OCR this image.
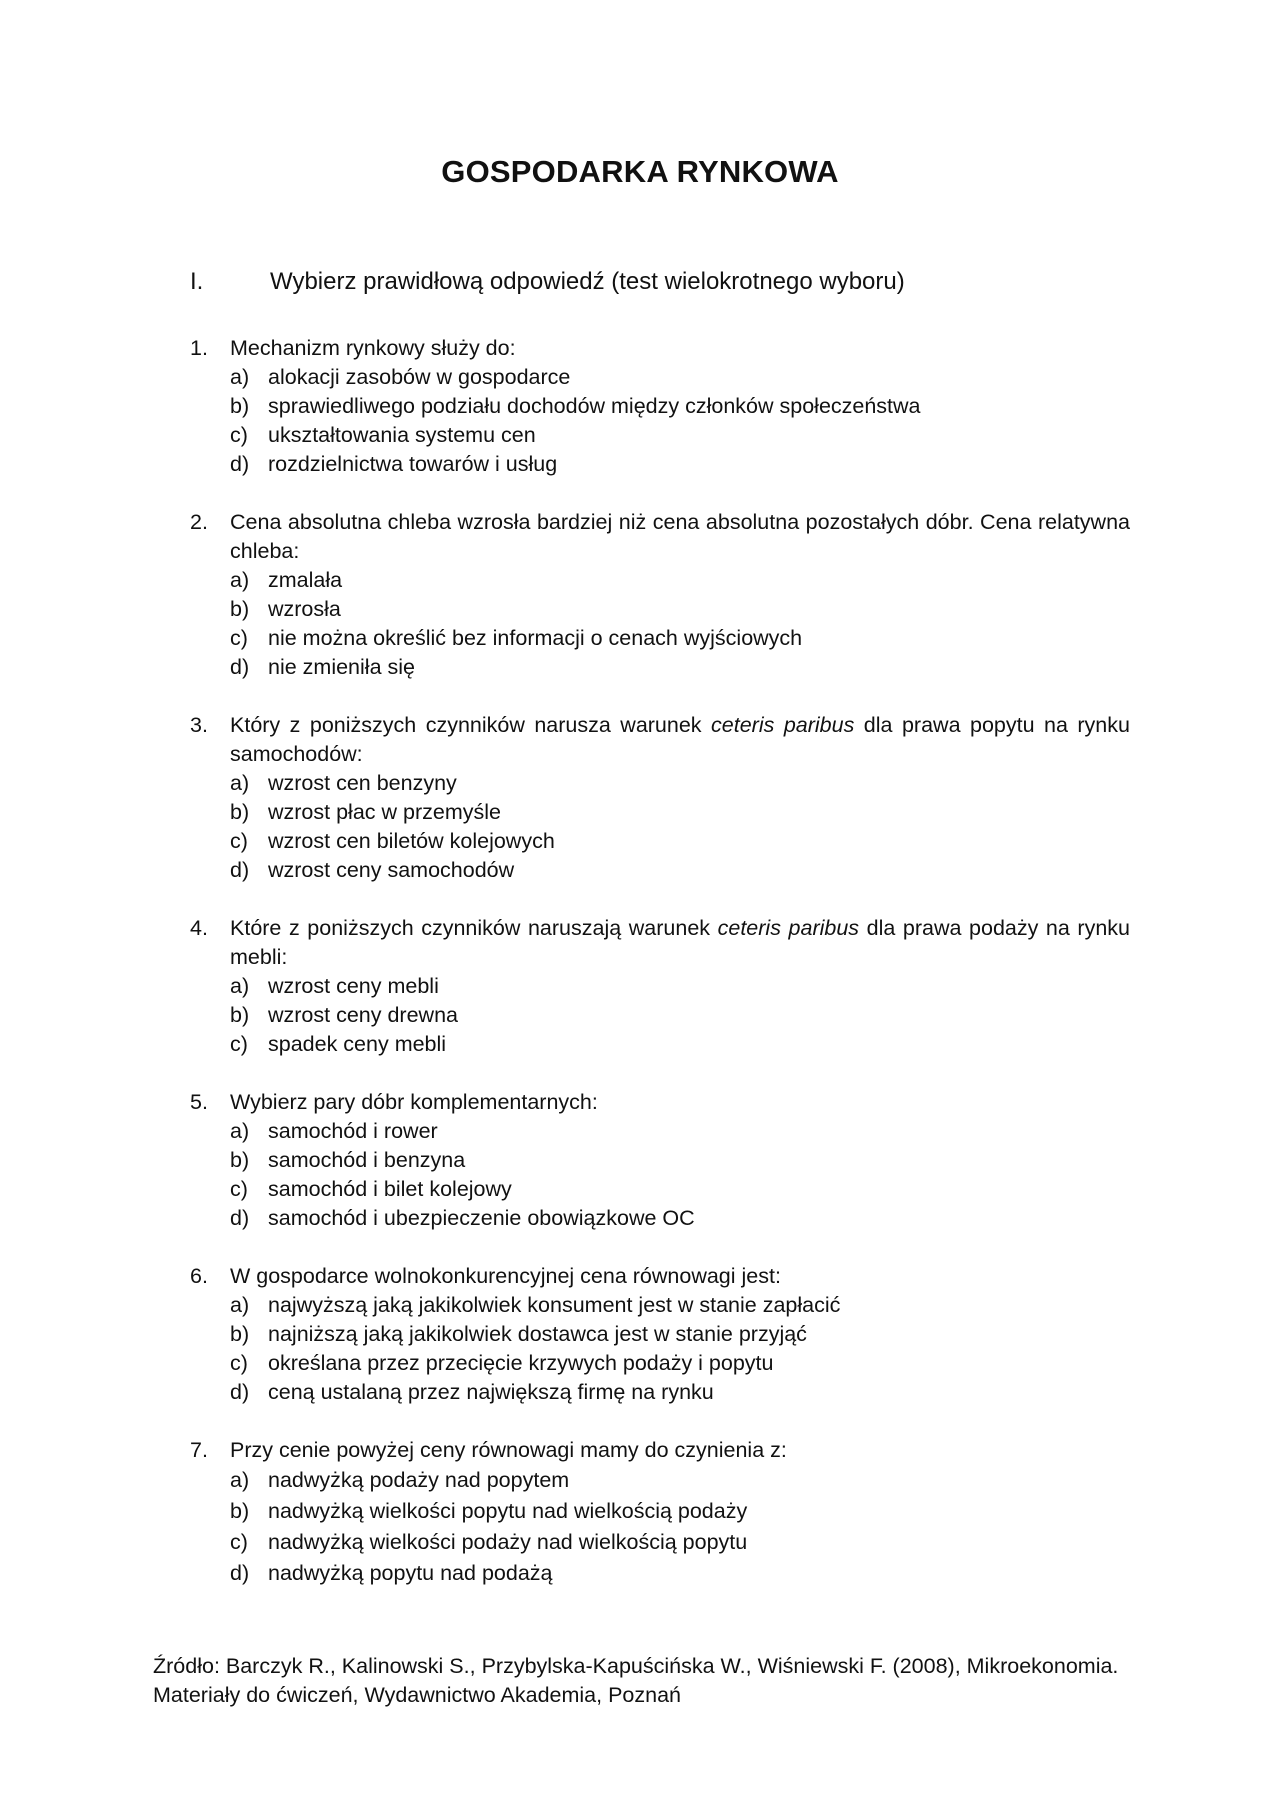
GOSPODARKA RYNKOWA
I.	Wybierz prawidłową odpowiedź (test wielokrotnego wyboru)
1.	Mechanizm rynkowy służy do:
a) alokacji zasobów w gospodarce
b) sprawiedliwego podziału dochodów między członków społeczeństwa
c) ukształtowania systemu cen
d) rozdzielnictwa towarów i usług
2.	Cena absolutna chleba wzrosła bardziej niż cena absolutna pozostałych dóbr. Cena relatywna chleba:
a) zmalała
b) wzrosła
c) nie można określić bez informacji o cenach wyjściowych
d) nie zmieniła się
3.	Który z poniższych czynników narusza warunek ceteris paribus dla prawa popytu na rynku samochodów:
a) wzrost cen benzyny
b) wzrost płac w przemyśle
c) wzrost cen biletów kolejowych
d) wzrost ceny samochodów
4.	Które z poniższych czynników naruszają warunek ceteris paribus dla prawa podaży na rynku mebli:
a) wzrost ceny mebli
b) wzrost ceny drewna
c) spadek ceny mebli
5.	Wybierz pary dóbr komplementarnych:
a) samochód i rower
b) samochód i benzyna
c) samochód i bilet kolejowy
d) samochód i ubezpieczenie obowiązkowe OC
6.	W gospodarce wolnokonkurencyjnej cena równowagi jest:
a) najwyższą jaką jakikolwiek konsument jest w stanie zapłacić
b) najniższą jaką jakikolwiek dostawca jest w stanie przyjąć
c) określana przez przecięcie krzywych podaży i popytu
d) ceną ustalaną przez największą firmę na rynku
7.	Przy cenie powyżej ceny równowagi mamy do czynienia z:
a) nadwyżką podaży nad popytem
b) nadwyżką wielkości popytu nad wielkością podaży
c) nadwyżką wielkości podaży nad wielkością popytu
d) nadwyżką popytu nad podażą
Źródło: Barczyk R., Kalinowski S., Przybylska-Kapuścińska W., Wiśniewski F. (2008), Mikroekonomia.
Materiały do ćwiczeń, Wydawnictwo Akademia, Poznań
